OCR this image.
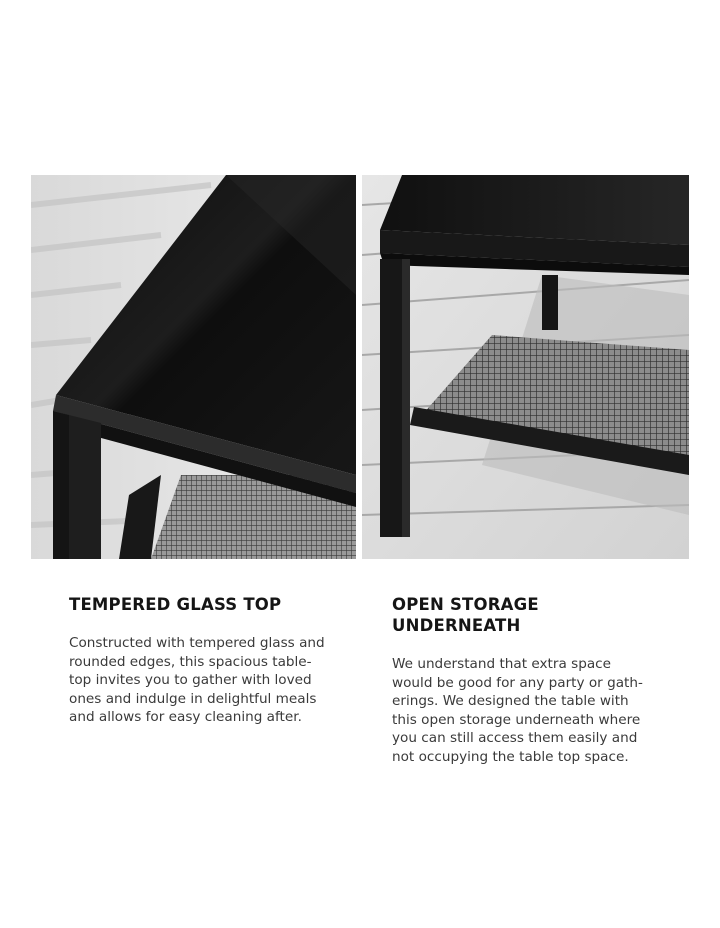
TEMPERED GLASS TOP

Constructed with tempered glass and
rounded edges, this spacious table-
top invites you to gather with loved
ones and indulge in delightful meals
and allows for easy cleaning after.

OPEN STORAGE
UNDERNEATH

We understand that extra space
would be good for any party or gath-
erings. We designed the table with
this open storage underneath where
you can still access them easily and
not occupying the table top space.
